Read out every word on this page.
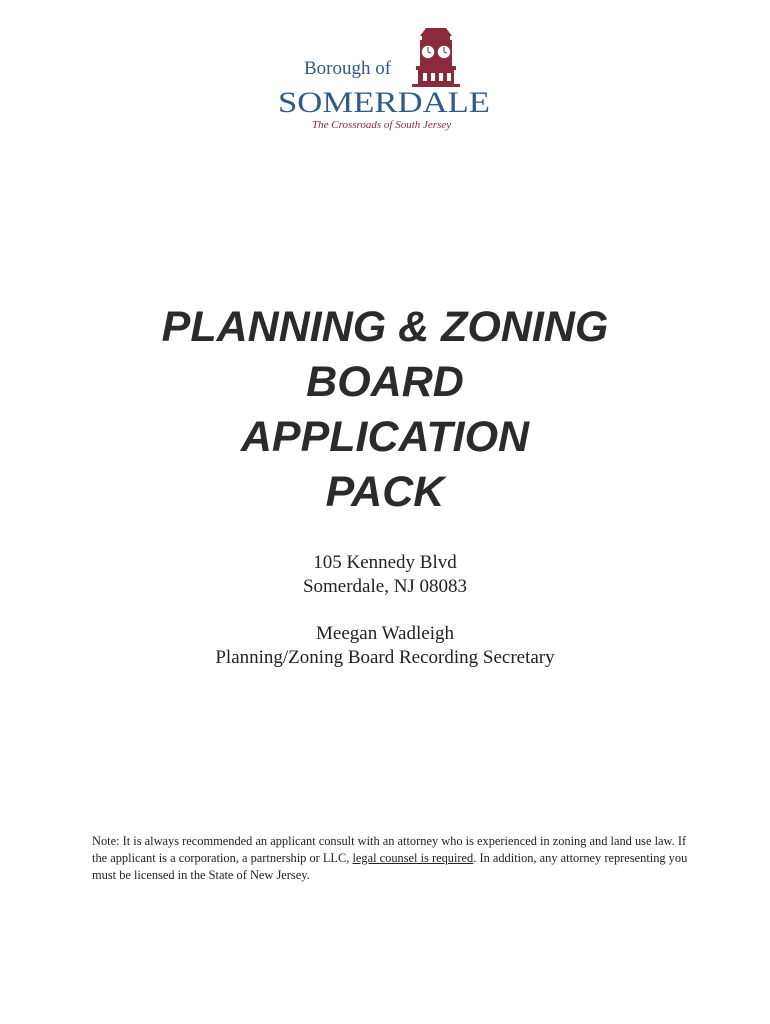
Borough of
SOMERDALE
The Crossroads of South Jersey
PLANNING & ZONING
BOARD
APPLICATION
PACK
105 Kennedy Blvd
Somerdale, NJ 08083
Meegan Wadleigh
Planning/Zoning Board Recording Secretary
Note: It is always recommended an applicant consult with an attorney who is experienced in zoning and land use law. If the applicant is a corporation, a partnership or LLC, legal counsel is required. In addition, any attorney representing you must be licensed in the State of New Jersey.
